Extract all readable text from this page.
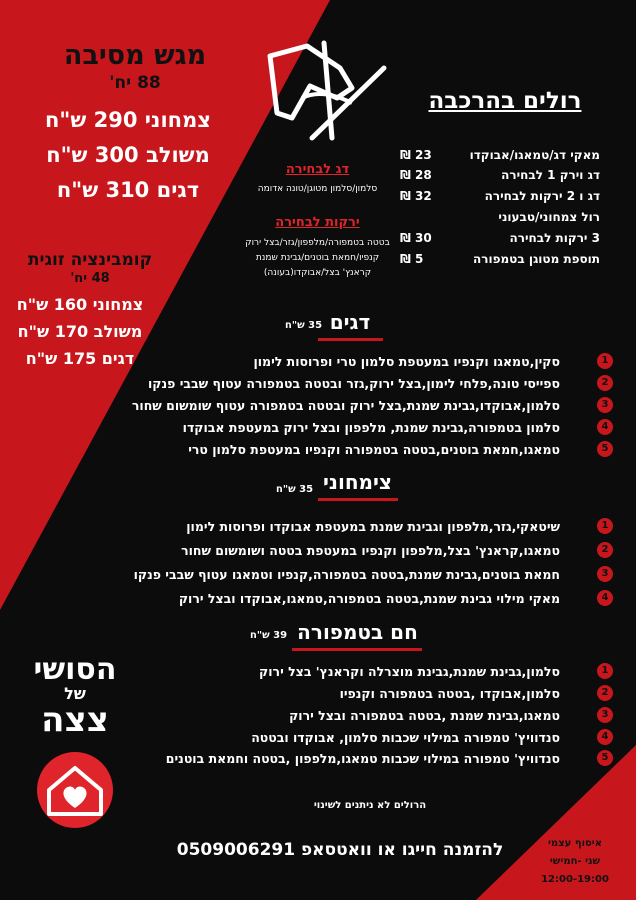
מגש מסיבה
88 יח'
צמחוני 290 ש"ח
משולב 300 ש"ח
דגים 310 ש"ח
קומבינציה זוגית
48 יח'
צמחוני 160 ש"ח
משולב 170 ש"ח
דגים 175 ש"ח
רולים בהרכבה
מאקי דג/טמאגו/אבוקדו
₪ 23
דג וירק 1 לבחירה
₪ 28
דג ו 2 ירקות לבחירה
₪ 32
רול צמחוני/טבעוני
3 ירקות לבחירה
₪ 30
תוספת מטוגן בטמפורה
₪ 5
דג לבחירה
סלמון/סלמון מטוגן/טונה אדומה
ירקות לבחירה
בטטה בטמפורה/מלפפון/גזר/בצל ירוק
קנפיו/חמאת בוטנים/גבינת שמנת
קראנץ' בצל/אבוקדו(בעונה)
דגים
35 ש"ח
1
סקין,טמאגו וקנפיו במעטפת סלמון טרי ופרוסות לימון
2
ספייסי טונה,פלחי לימון,בצל ירוק,גזר ובטטה בטמפורה עטוף שבבי פנקו
3
סלמון,אבוקדו,גבינת שמנת,בצל ירוק ובטטה בטמפורה עטוף שומשום שחור
4
סלמון בטמפורה,גבינת שמנת, מלפפון ובצל ירוק במעטפת אבוקדו
5
טמאגו,חמאת בוטנים,בטטה בטמפורה וקנפיו במעטפת סלמון טרי
צימחוני
35 ש"ח
1
שיטאקי,גזר,מלפפון וגבינת שמנת במעטפת אבוקדו ופרוסות לימון
2
טמאגו,קראנץ' בצל,מלפפון וקנפיו במעטפת בטטה ושומשום שחור
3
חמאת בוטנים,גבינת שמנת,בטטה בטמפורה,קנפיו וטמאגו עטוף שבבי פנקו
4
מאקי מילוי גבינת שמנת,בטטה בטמפורה,טמאגו,אבוקדו ובצל ירוק
חם בטמפורה
39 ש"ח
1
סלמון,גבינת שמנת,גבינת מוצרלה וקראנץ' בצל ירוק
2
סלמון,אבוקדו ,בטטה בטמפורה וקנפיו
3
טמאגו,גבינת שמנת ,בטטה בטמפורה ובצל ירוק
4
סנדוויץ' טמפורה במילוי שכבות סלמון, אבוקדו ובטטה
5
סנדוויץ' טמפורה במילוי שכבות טמאגו,מלפפון ,בטטה וחמאת בוטנים
הסושי
של
צצה
הרולים לא ניתנים לשינוי
להזמנה חייגו או וואטסאפ 0509006291	איסוף עצמי
שני -חמישי
12:00-19:00
